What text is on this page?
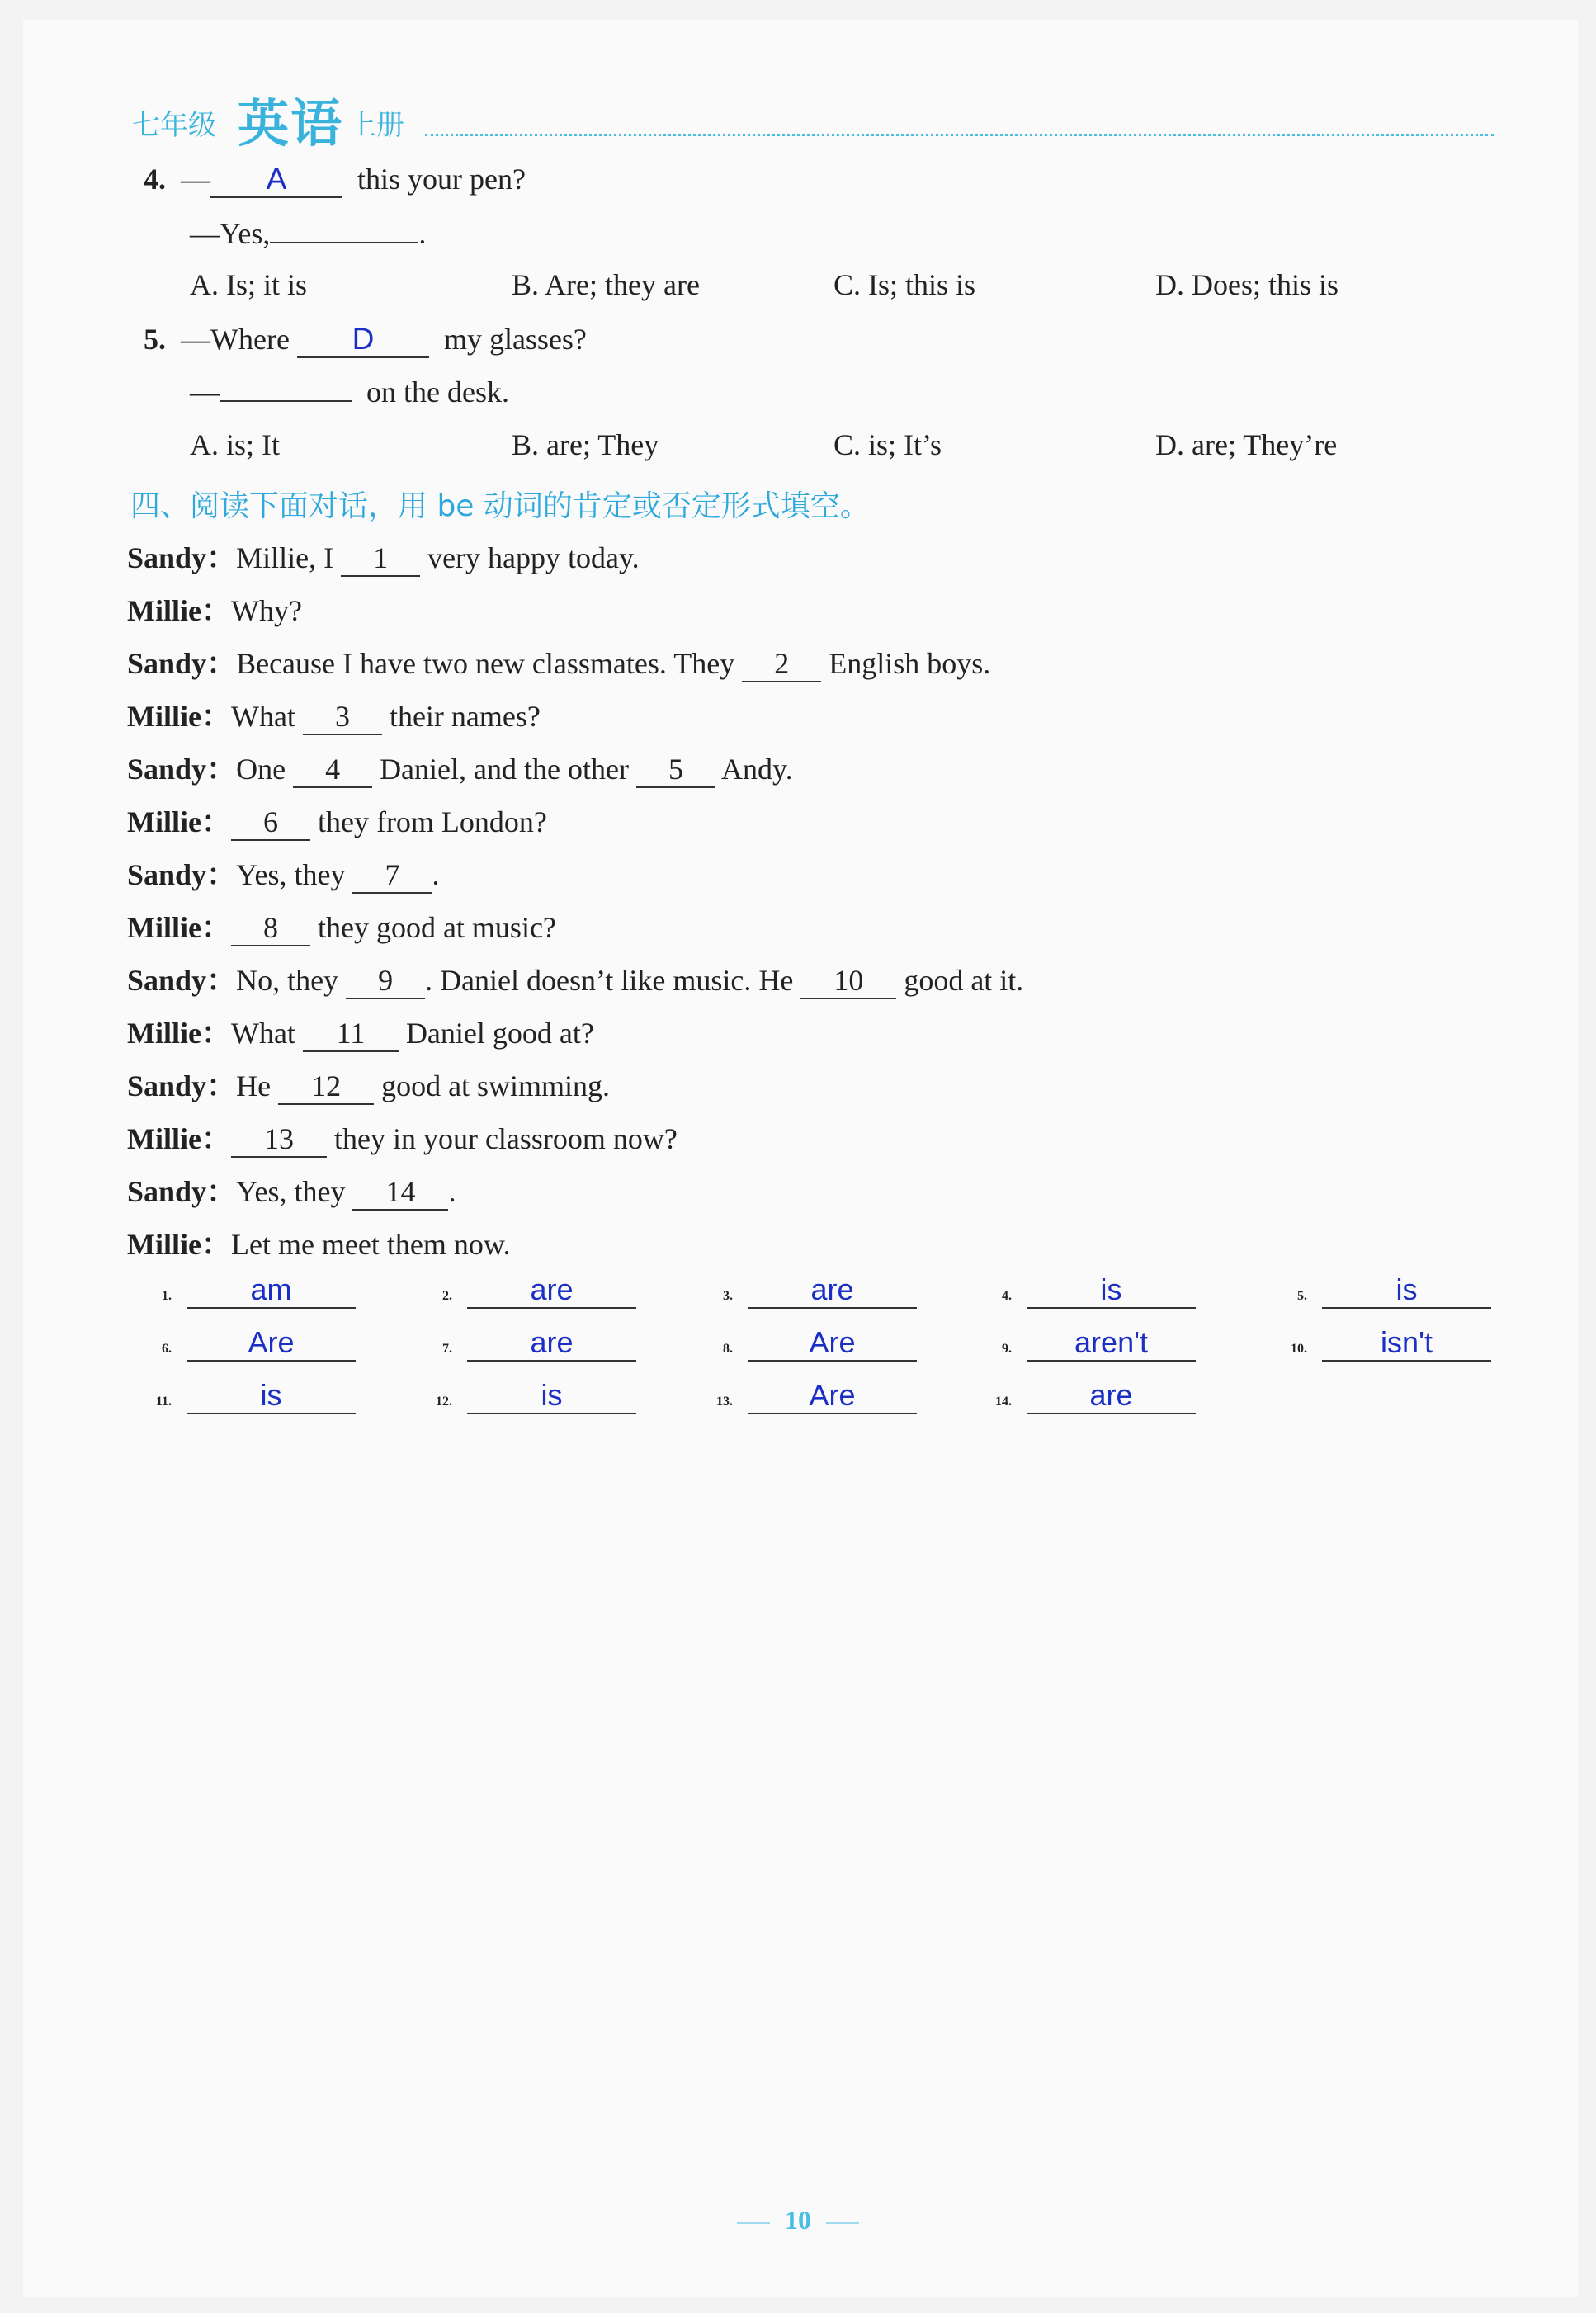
七年级 英语 上册
4. — A this your pen?
—Yes,	.
A. Is; it is	B. Are; they are	C. Is; this is	D. Does; this is
5. —Where D my glasses?
—	on the desk.
A. is; It	B. are; They	C. is; It’s	D. are; They’re
四、阅读下面对话，用 be 动词的肯定或否定形式填空。
Sandy：Millie, I 1 very happy today.
Millie：Why?
Sandy：Because I have two new classmates. They 2 English boys.
Millie：What 3 their names?
Sandy：One 4 Daniel, and the other 5 Andy.
Millie： 6 they from London?
Sandy：Yes, they 7 .
Millie： 8 they good at music?
Sandy：No, they 9 . Daniel doesn’t like music. He 10 good at it.
Millie：What 11 Daniel good at?
Sandy：He 12 good at swimming.
Millie： 13 they in your classroom now?
Sandy：Yes, they 14 .
Millie：Let me meet them now.
1.	am	2.	are	3.	are	4.	is	5.	is
6.	Are	7.	are	8.	Are	9. aren't	10. isn't
11.	is	12.	is	13.	Are	14.	are
10
